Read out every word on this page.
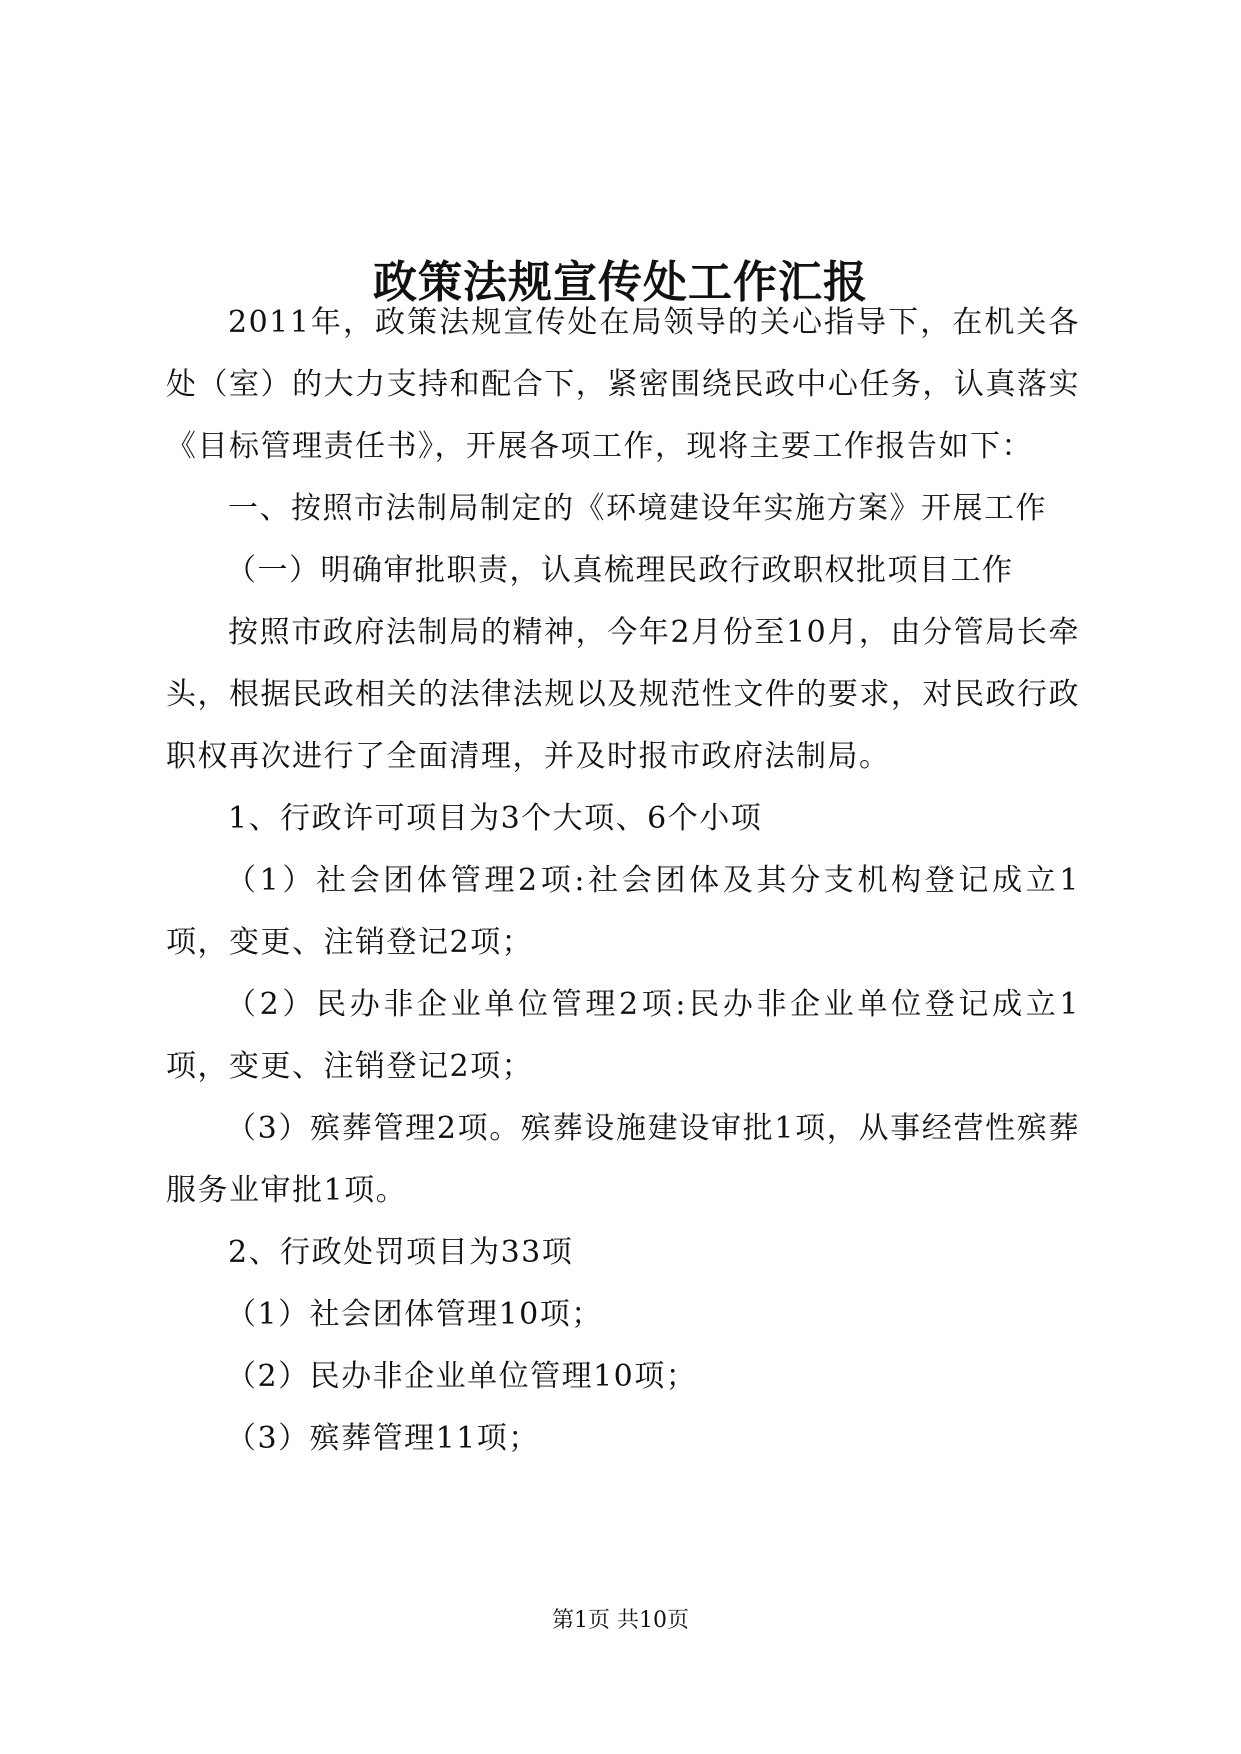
政策法规宣传处工作汇报

2011年，政策法规宣传处在局领导的关心指导下，在机关各处（室）的大力支持和配合下，紧密围绕民政中心任务，认真落实《目标管理责任书》，开展各项工作，现将主要工作报告如下：

一、按照市法制局制定的《环境建设年实施方案》开展工作

（一）明确审批职责，认真梳理民政行政职权批项目工作

按照市政府法制局的精神，今年2月份至10月，由分管局长牵头，根据民政相关的法律法规以及规范性文件的要求，对民政行政职权再次进行了全面清理，并及时报市政府法制局。

1、行政许可项目为3个大项、6个小项

（1）社会团体管理2项:社会团体及其分支机构登记成立1项，变更、注销登记2项；

（2）民办非企业单位管理2项:民办非企业单位登记成立1项，变更、注销登记2项；

（3）殡葬管理2项。殡葬设施建设审批1项，从事经营性殡葬服务业审批1项。

2、行政处罚项目为33项

（1）社会团体管理10项；

（2）民办非企业单位管理10项；

（3）殡葬管理11项；

第1页 共10页
